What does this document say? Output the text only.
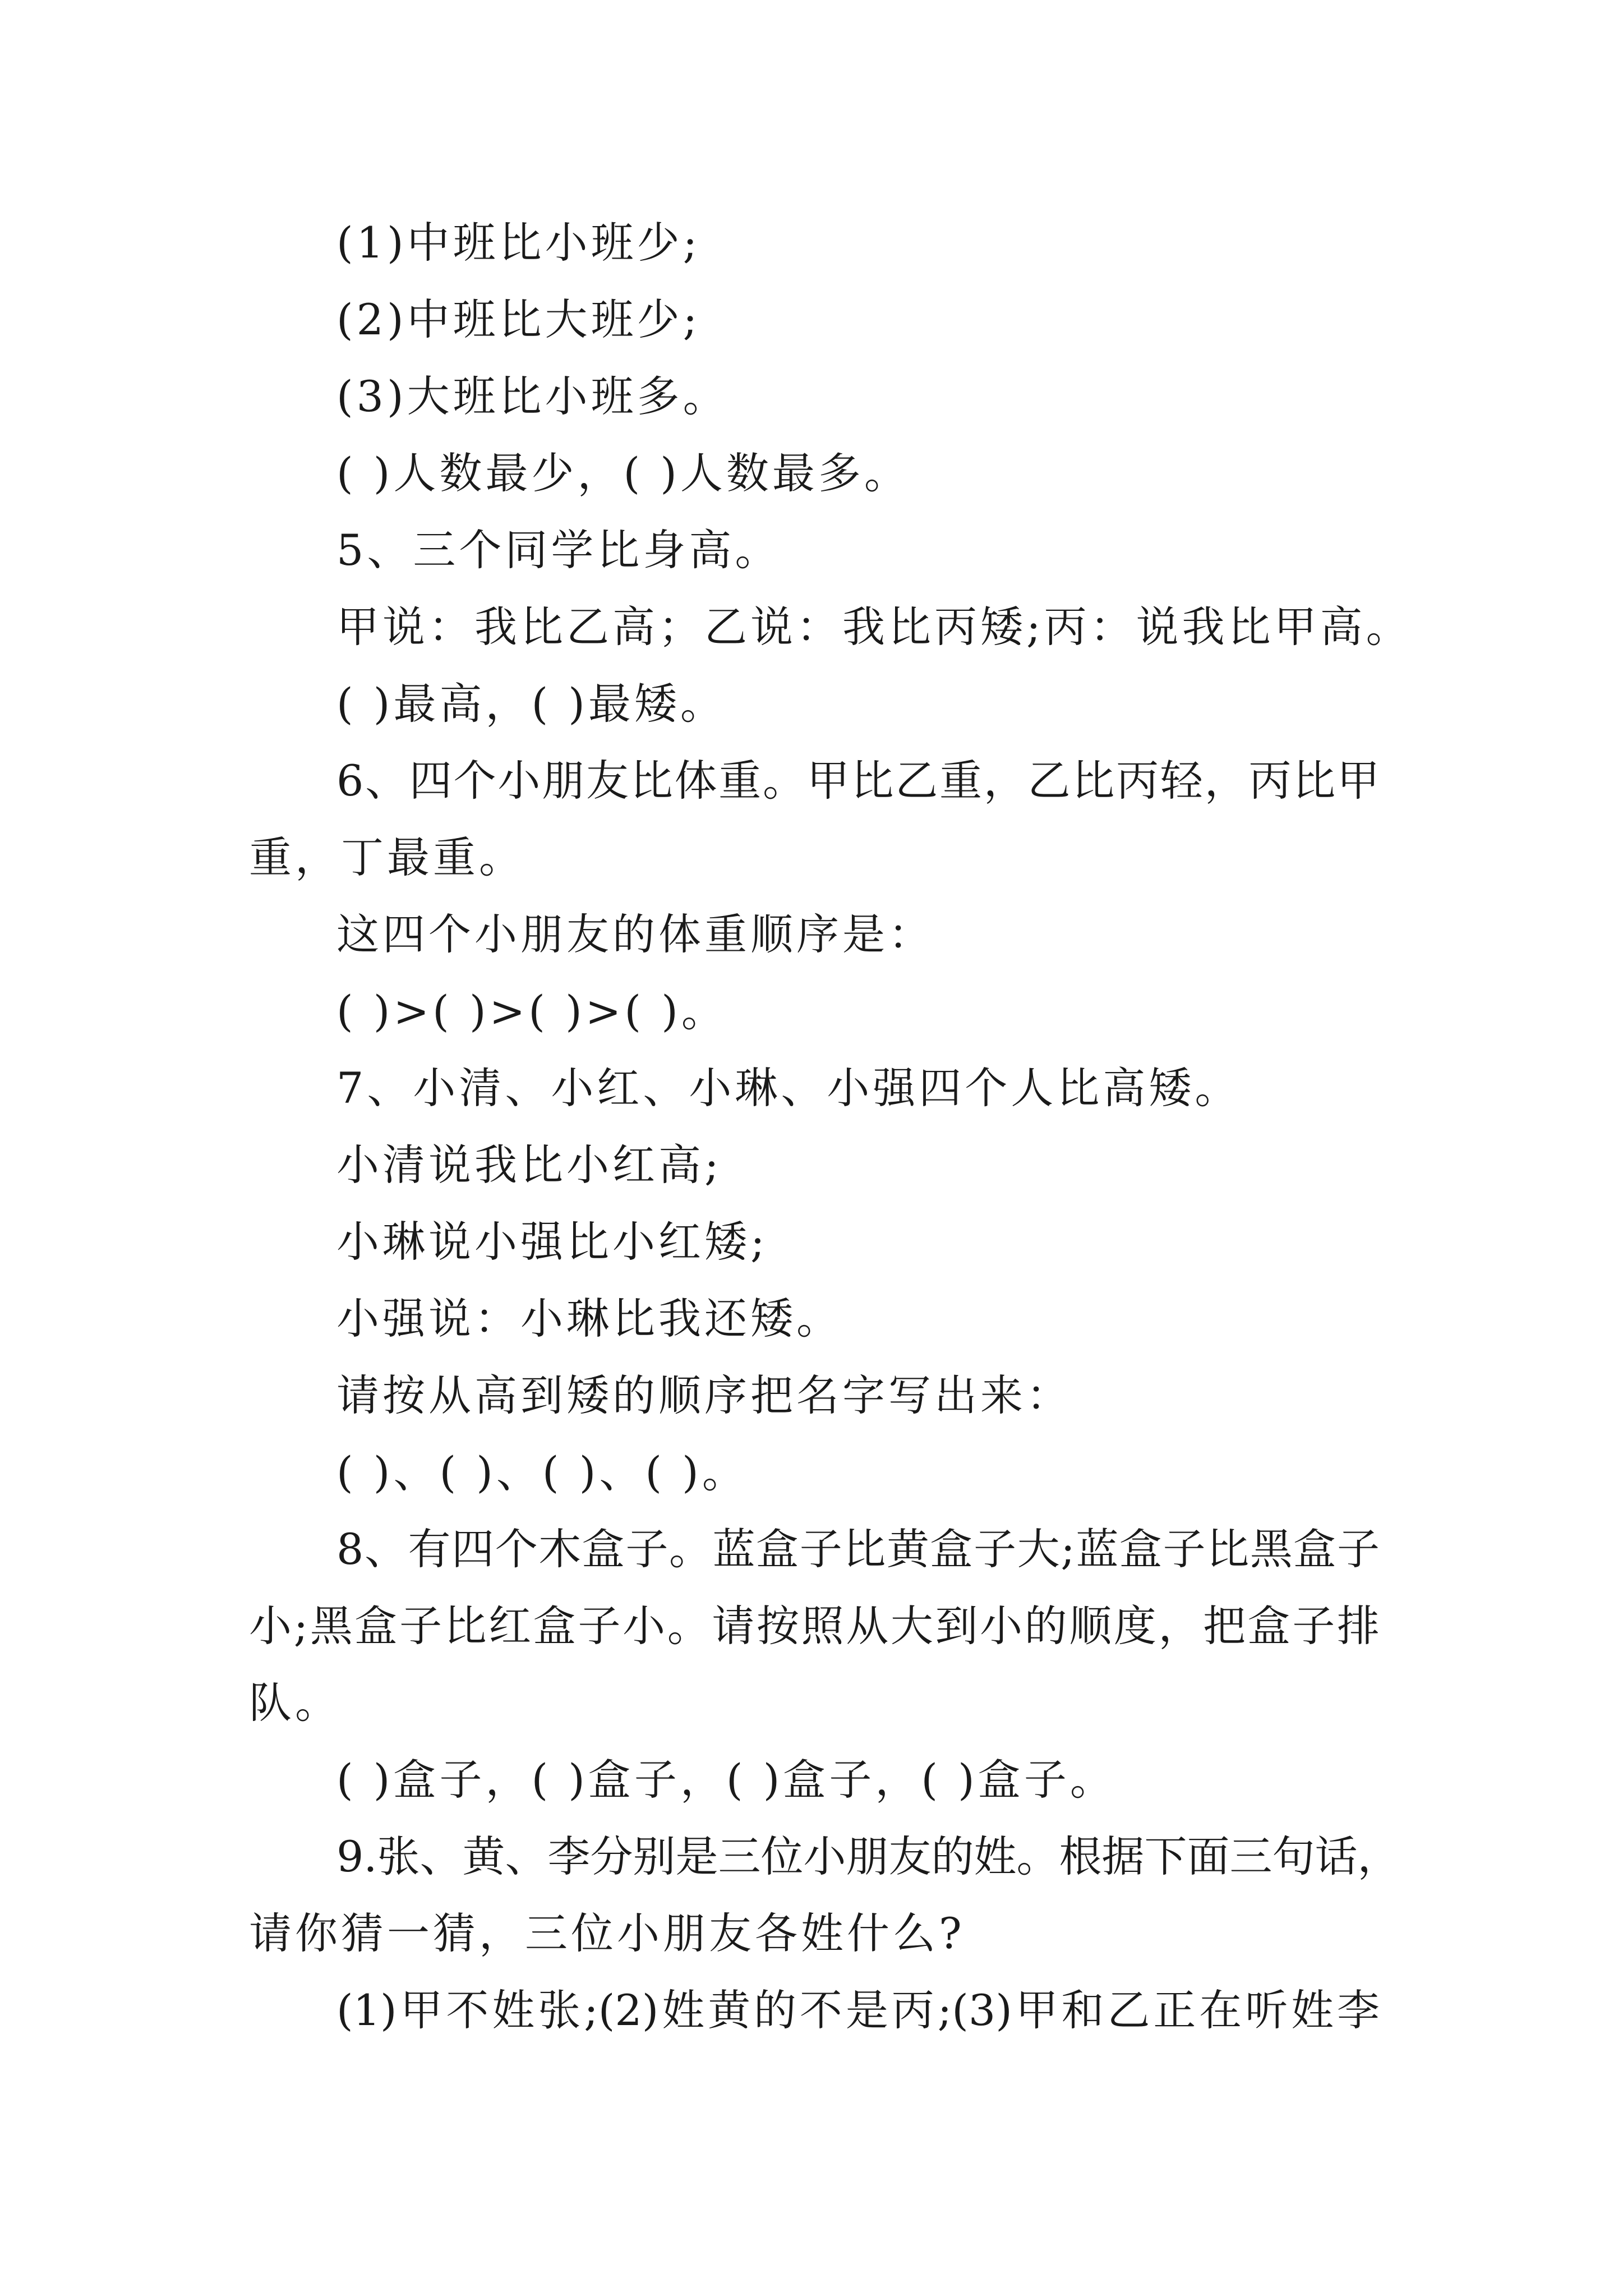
(1)中班比小班少;

(2)中班比大班少;

(3)大班比小班多。

( )人数最少，( )人数最多。

5、三个同学比身高。

甲说：我比乙高；乙说：我比丙矮;丙：说我比甲高。

( )最高，( )最矮。

6、四个小朋友比体重。甲比乙重，乙比丙轻，丙比甲

重，丁最重。

这四个小朋友的体重顺序是：

( )>( )>( )>( )。

7、小清、小红、小琳、小强四个人比高矮。

小清说我比小红高;

小琳说小强比小红矮;

小强说：小琳比我还矮。

请按从高到矮的顺序把名字写出来：

( )、( )、( )、( )。

8、有四个木盒子。蓝盒子比黄盒子大;蓝盒子比黑盒子

小;黑盒子比红盒子小。请按照从大到小的顺度，把盒子排

队。

( )盒子，( )盒子，( )盒子，( )盒子。

9.张、黄、李分别是三位小朋友的姓。根据下面三句话，

请你猜一猜，三位小朋友各姓什么?

(1)甲不姓张;(2)姓黄的不是丙;(3)甲和乙正在听姓李
